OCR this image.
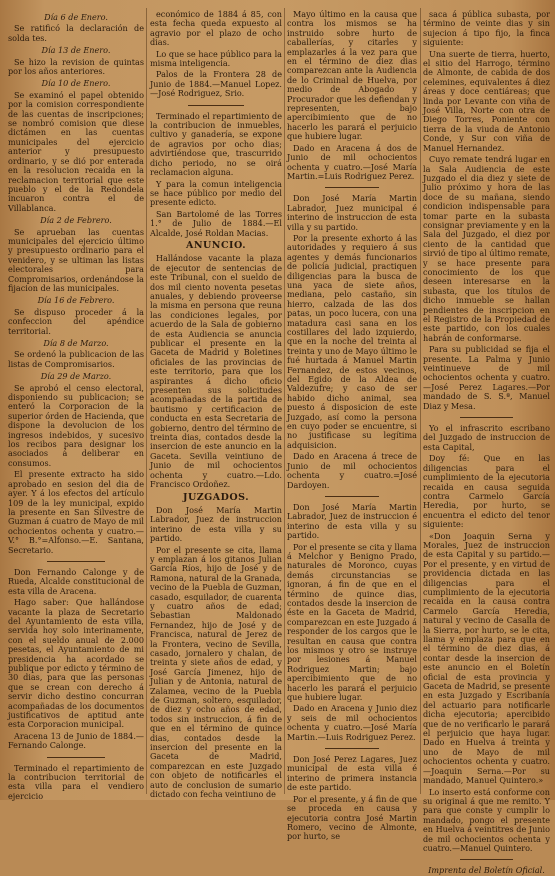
Día 6 de Enero.

Se ratificó la declaración de solda tes.

Día 13 de Enero.

Se hizo la revision de quintas por los años anteriores.

Día 10 de Enero.

Se examinó el papel obtenido por la comision correspondiente de las cuentas de inscripciones; se nombró comision que diese dictámen en las cuentas municipales del ejercicio anterior y presupuesto ordinario, y se dió por enterada en la resolucion recaida en la reclamacion territorial que este pueblo y el de la Redondela incuaron contra el de Villablanca.

Día 2 de Febrero.

Se aprueban las cuentas municipales del ejercicio último y presupuesto ordinario para el venidero, y se ultiman las listas electorales para Compromisarios, ordenándose la fijacion de las municipales.

Día 16 de Febrero.

Se dispuso proceder á la confeccion del apéndice territorial.

Día 8 de Marzo.

Se ordenó la publicacion de las listas de Compromisarios.

Día 29 de Marzo.

Se aprobó el censo electoral, disponiendo su publicacion; se enteró la Corporacion de la superior órden de Hacienda, que dispone la devolucion de los ingresos indebidos, y sucesivo los recibos para designar los asociados á deliberar en consumos.

El presente extracto ha sido aprobado en sesion del dia de ayer. Y á los efectos del artículo 109 de la ley municipal, expido la presente en San Silvestre de Guzman á cuatro de Mayo de mil ochocientos ochenta y cuatro.—V.° B.°=Alfonso.—E. Santana, Secretario.

Don Fernando Calonge y de Rueda, Alcalde constitucional de esta villa de Aracena.

Hago saber: Que hallándose vacante la plaza de Secretario del Ayuntamiento de esta villa, servida hoy solo interinamente, con el sueldo anual de 2.000 pesetas, el Ayuntamiento de mi presidencia ha acordado se publique por edicto y término de 30 dias, para que las personas que se crean con derecho á servir dicho destino concurran acompañadas de los documentos justificativos de aptitud ante esta Corporacion municipal.

Aracena 13 de Junio de 1884.—Fernando Calonge.

Terminado el repartimiento de la contribucion territorial de esta villa para el vendiero ejercicio

económico de 1884 á 85, con esta fecha queda expuesto al agravio por el plazo de ocho dias.

Lo que se hace público para la misma inteligencia.

Palos de la Frontera 28 de Junio de 1884.—Manuel Lopez.—José Rodriguez, Srio.

Terminado el repartimiento de la contribucion de inmuebles, cultivo y ganadería, se expone de agravios por ocho dias; advirtiéndose que, trascurrido dicho periodo, no se oirá reclamacion alguna.

Y para la comun inteligencia se hace público por medio del presente edicto.

San Bartolomé de las Torres 1.° de Julio de 1884.—El Alcalde, José Roldan Macias.

ANUNCIO.

Hallándose vacante la plaza de ejecutor de sentencias de este Tribunal, con el sueldo de dos mil ciento noventa pesetas anuales, y debiendo proveerse la misma en persona que reuna las condiciones legales, por acuerdo de la Sala de gobierno de esta Audiencia se anuncia publicar el presente en la Gaceta de Madrid y Boletines oficiales de las provincias de este territorio, para que los aspirantes á dicho oficio presenten sus solicitudes acompañadas de la partida de bautismo y certificacion de conducta en esta Secretaria de gobierno, dentro del término de treinta dias, contados desde la insercion de este anuncio en la Gaceta. Sevilla veintiuno de Junio de mil ochocientos ochenta y cuatro.—Ldo. Francisco Ordoñez.

JUZGADOS.

Don José María Martin Labrador, Juez de instruccion interino de esta villa y su partido.

Por el presente se cita, llama y emplazan á los gitanos Julian García Ríos, hijo de José y de Ramona, natural de la Granada, vecino de la Puebla de Guzman, casado, esquilador, de cuarenta y cuatro años de edad; Sebastian Maldonado Fernandez, hijo de José y de Francisca, natural de Jerez de la Frontera, vecino de Sevilla, casado, jornalero y chalan, de treinta y siete años de edad, y José García Jimenez, hijo de Julian y de Antonia, natural de Zalamea, vecino de la Puebla de Guzman, soltero, esquilador, de diez y ocho años de edad, todos sin instruccion, á fin de que en el término de quince dias, contados desde la insercion del presente en la Gaceta de Madrid, comparezcan en este Juzgado con objeto de notificarles el auto de conclusion de sumario dictado con fecha veintiuno de

Mayo último en la causa que contra los mismos se ha instruido sobre hurto de caballerías, y citarles y emplazarles á la vez para que en el término de diez dias comparezcan ante la Audiencia de lo Criminal de Huelva, por medio de Abogado y Procurador que les defiendan y representen, bajo apercibimiento que de no hacerlo les parará el perjuicio que hubiere lugar.

Dado en Aracena á dos de Junio de mil ochocientos ochenta y cuatro.—José María Martin.=Luis Rodriguez Perez.

Don José María Martin Labrador, Juez municipal é interino de instruccion de esta villa y su partido.

Por la presente exhorto á las autoridades y requiero á sus agentes y demás funcionarios de policía judicial, practiquen diligencias para la busca de una yaca de siete años, mediana, pelo castaño, sin hierro, calzada de las dos patas, un poco lucera, con una matadura casi sana en los costillares del lado izquierdo, que en la noche del treinta al treinta y uno de Mayo último le fué hurtada á Manuel Martin Fernandez, de estos vecinos, del Egido de la Aldea de Valdezufre; y caso de ser habido dicho animal, sea puesto á disposicion de este Juzgado, así como la persona en cuyo poder se encuentre, si no justificase su legítima adquisicion.

Dado en Aracena á trece de Junio de mil ochocientos ochenta y cuatro.=José Dardoyen.

Don José María Martin Labrador, Juez de instruccion é interino de esta villa y su partido.

Por el presente se cita y llama á Melchor y Benigno Prado, naturales de Moronco, cuyas demás circunstancias se ignoran, á fin de que en el término de quince dias, contados desde la insercion de éste en la Gaceta de Madrid, comparezcan en este Juzgado á responder de los cargos que le resultan en causa que contra los mismos y otro se instruye por lesiones á Manuel Rodriguez Martin; bajo apercibimiento que de no hacerlo les parará el perjuicio que hubiere lugar.

Dado en Aracena y Junio diez y seis de mil ochocientos ochenta y cuatro.—José María Martin.—Luis Rodriguez Perez.

Don José Perez Lagares, Juez municipal de esta villa é interino de primera instancia de este partido.

Por el presente, y á fin de que se proceda en causa y ejecutoria contra José Martin Romero, vecino de Almonte, por hurto, se

saca á pública subasta, por término de veinte dias y sin sujecion á tipo fijo, la finca siguiente:

Una suerte de tierra, huerto, el sitio del Harrogo, término de Almonte, de cabida de dos celemines, equivalentes á diez áreas y doce centiáreas; que linda por Levante con viña de José Villa, Norte con otra de Diego Torres, Poniente con tierra de la viuda de Antonio Conde, y Sur con viña de Manuel Hernandez.

Cuyo remate tendrá lugar en la Sala Audiencia de este Juzgado el dia diez y siete de Julio próximo y hora de las doce de su mañana, siendo condicion indispensable para tomar parte en la subasta consignar previamente y en la Sala del Juzgado, el diez por ciento de la cantidad que sirvió de tipo al último remate, y se hace presente para conocimiento de los que deseen interesarse en la subasta, que los títulos de dicho inmueble se hallan pendientes de inscripcion en el Registro de la Propiedad de este partido, con los cuales habrán de conformarse.

Para su publicidad se fija el presente. La Palma y Junio veintinueve de mil ochocientos ochenta y cuatro.—José Perez Lagares.—Por mandado de S. S.ª, Manuel Diaz y Mesa.

Yo el infrascrito escribano del Juzgado de instruccion de esta Capital,

Doy fé: Que en las diligencias para el cumplimiento de la ejecutoria recaida en causa seguida contra Carmelo García Heredia, por hurto, se encuentra el edicto del tenor siguiente:

«Don Joaquin Serna y Morales, Juez de instruccion de esta Capital y su partido.—Por el presente, y en virtud de providencia dictada en las diligencias para el cumplimiento de la ejecutoria recaida en la causa contra Carmelo García Heredia, natural y vecino de Casalla de la Sierra, por hurto, se le cita, llama y emplaza para que en el término de diez dias, á contar desde la insercion de este anuncio en el Boletín oficial de esta provincia y Gaceta de Madrid, se presente en esta Juzgado y Escribanía del actuario para notificarle dicha ejecutoria; apercibido que de no verificarlo le parará el perjuicio que haya lugar. Dado en Huelva á treinta y uno de Mayo de mil ochocientos ochenta y cuatro.—Joaquin Serna.—Por su mandado, Manuel Quintero.»

Lo inserto está conforme con su original á que me remito. Y para que conste y cumplir lo mandado, pongo el presente en Huelva á veintitres de Junio de mil ochocientos ochenta y cuatro.—Manuel Quintero.

Imprenta del Boletín Oficial.
